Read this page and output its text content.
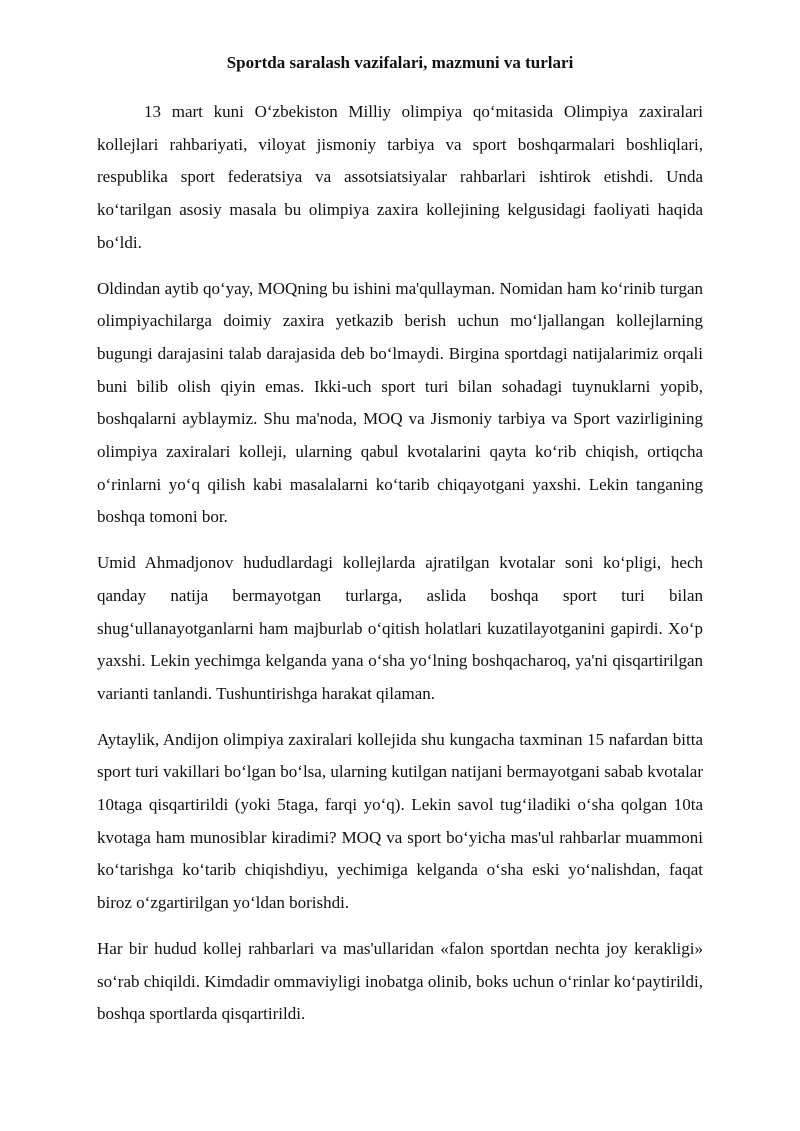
Sportda saralash vazifalari, mazmuni va turlari

13 mart kuni O‘zbekiston Milliy olimpiya qo‘mitasida Olimpiya zaxiralari kollejlari rahbariyati, viloyat jismoniy tarbiya va sport boshqarmalari boshliqlari, respublika sport federatsiya va assotsiatsiyalar rahbarlari ishtirok etishdi. Unda ko‘tarilgan asosiy masala bu olimpiya zaxira kollejining kelgusidagi faoliyati haqida bo‘ldi.

Oldindan aytib qo‘yay, MOQning bu ishini ma'qullayman. Nomidan ham ko‘rinib turgan olimpiyachilarga doimiy zaxira yetkazib berish uchun mo‘ljallangan kollejlarning bugungi darajasini talab darajasida deb bo‘lmaydi. Birgina sportdagi natijalarimiz orqali buni bilib olish qiyin emas. Ikki-uch sport turi bilan sohadagi tuynuklarni yopib, boshqalarni ayblaymiz. Shu ma'noda, MOQ va Jismoniy tarbiya va Sport vazirligining olimpiya zaxiralari kolleji, ularning qabul kvotalarini qayta ko‘rib chiqish, ortiqcha o‘rinlarni yo‘q qilish kabi masalalarni ko‘tarib chiqayotgani yaxshi. Lekin tanganing boshqa tomoni bor.

Umid Ahmadjonov hududlardagi kollejlarda ajratilgan kvotalar soni ko‘pligi, hech qanday natija bermayotgan turlarga, aslida boshqa sport turi bilan shug‘ullanayotganlarni ham majburlab o‘qitish holatlari kuzatilayotganini gapirdi. Xo‘p yaxshi. Lekin yechimga kelganda yana o‘sha yo‘lning boshqacharoq, ya'ni qisqartirilgan varianti tanlandi. Tushuntirishga harakat qilaman.

Aytaylik, Andijon olimpiya zaxiralari kollejida shu kungacha taxminan 15 nafardan bitta sport turi vakillari bo‘lgan bo‘lsa, ularning kutilgan natijani bermayotgani sabab kvotalar 10taga qisqartirildi (yoki 5taga, farqi yo‘q). Lekin savol tug‘iladiki o‘sha qolgan 10ta kvotaga ham munosiblar kiradimi? MOQ va sport bo‘yicha mas'ul rahbarlar muammoni ko‘tarishga ko‘tarib chiqishdiyu, yechimiga kelganda o‘sha eski yo‘nalishdan, faqat biroz o‘zgartirilgan yo‘ldan borishdi.

Har bir hudud kollej rahbarlari va mas'ullaridan «falon sportdan nechta joy kerakligi» so‘rab chiqildi. Kimdadir ommaviyligi inobatga olinib, boks uchun o‘rinlar ko‘paytirildi, boshqa sportlarda qisqartirildi.
